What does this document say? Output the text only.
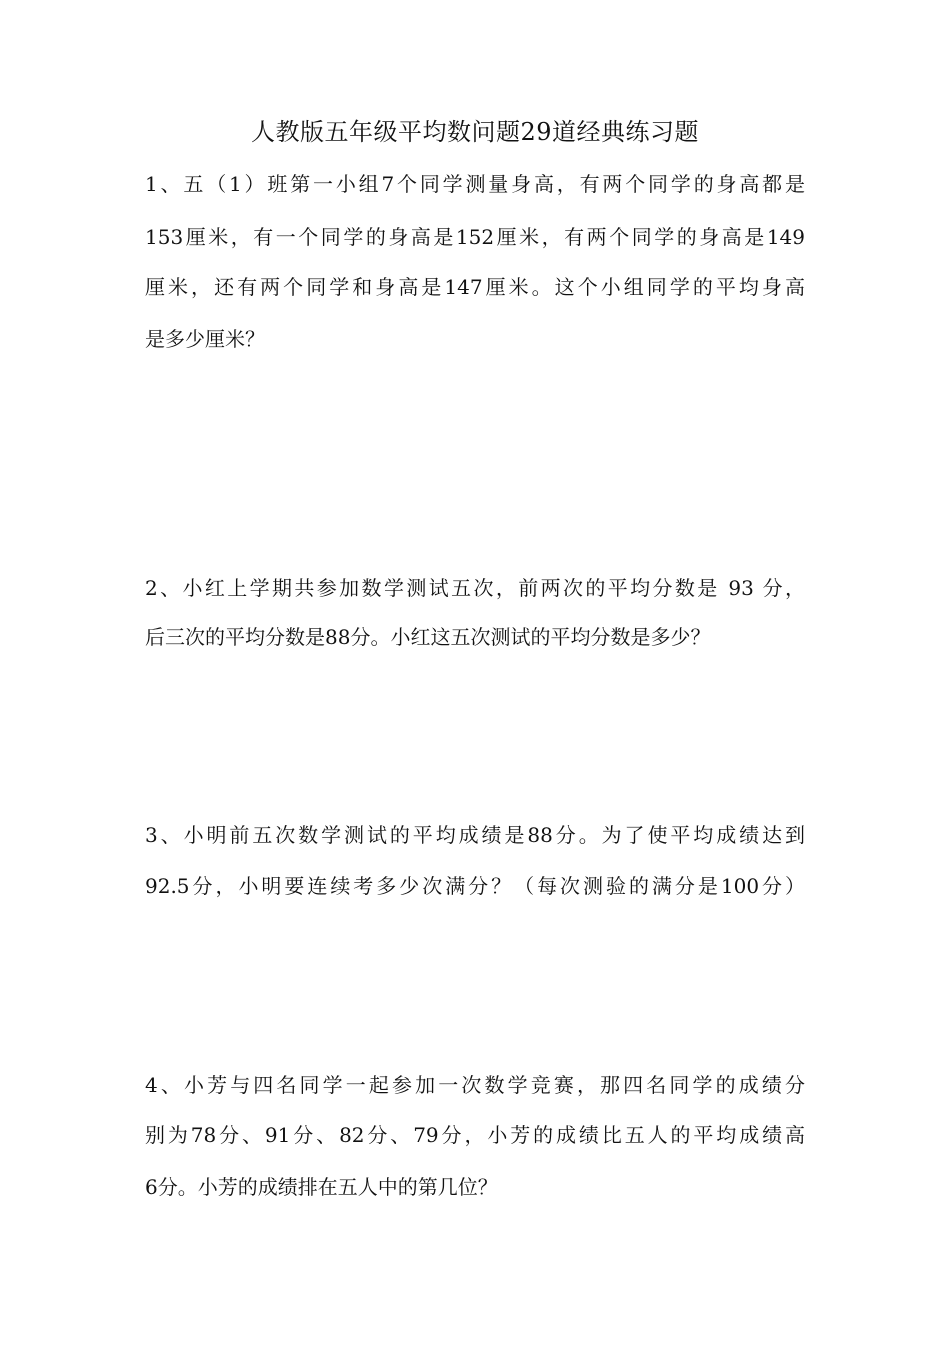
人教版五年级平均数问题29道经典练习题

1、五（1）班第一小组7个同学测量身高，有两个同学的身高都是

153厘米，有一个同学的身高是152厘米，有两个同学的身高是149

厘米，还有两个同学和身高是147厘米。这个小组同学的平均身高

是多少厘米？

2、小红上学期共参加数学测试五次，前两次的平均分数是 93 分，

后三次的平均分数是88分。小红这五次测试的平均分数是多少？

3、小明前五次数学测试的平均成绩是88分。为了使平均成绩达到

92.5分，小明要连续考多少次满分？（每次测验的满分是100分）

4、小芳与四名同学一起参加一次数学竞赛，那四名同学的成绩分

别为78分、91分、82分、79分，小芳的成绩比五人的平均成绩高

6分。小芳的成绩排在五人中的第几位？
